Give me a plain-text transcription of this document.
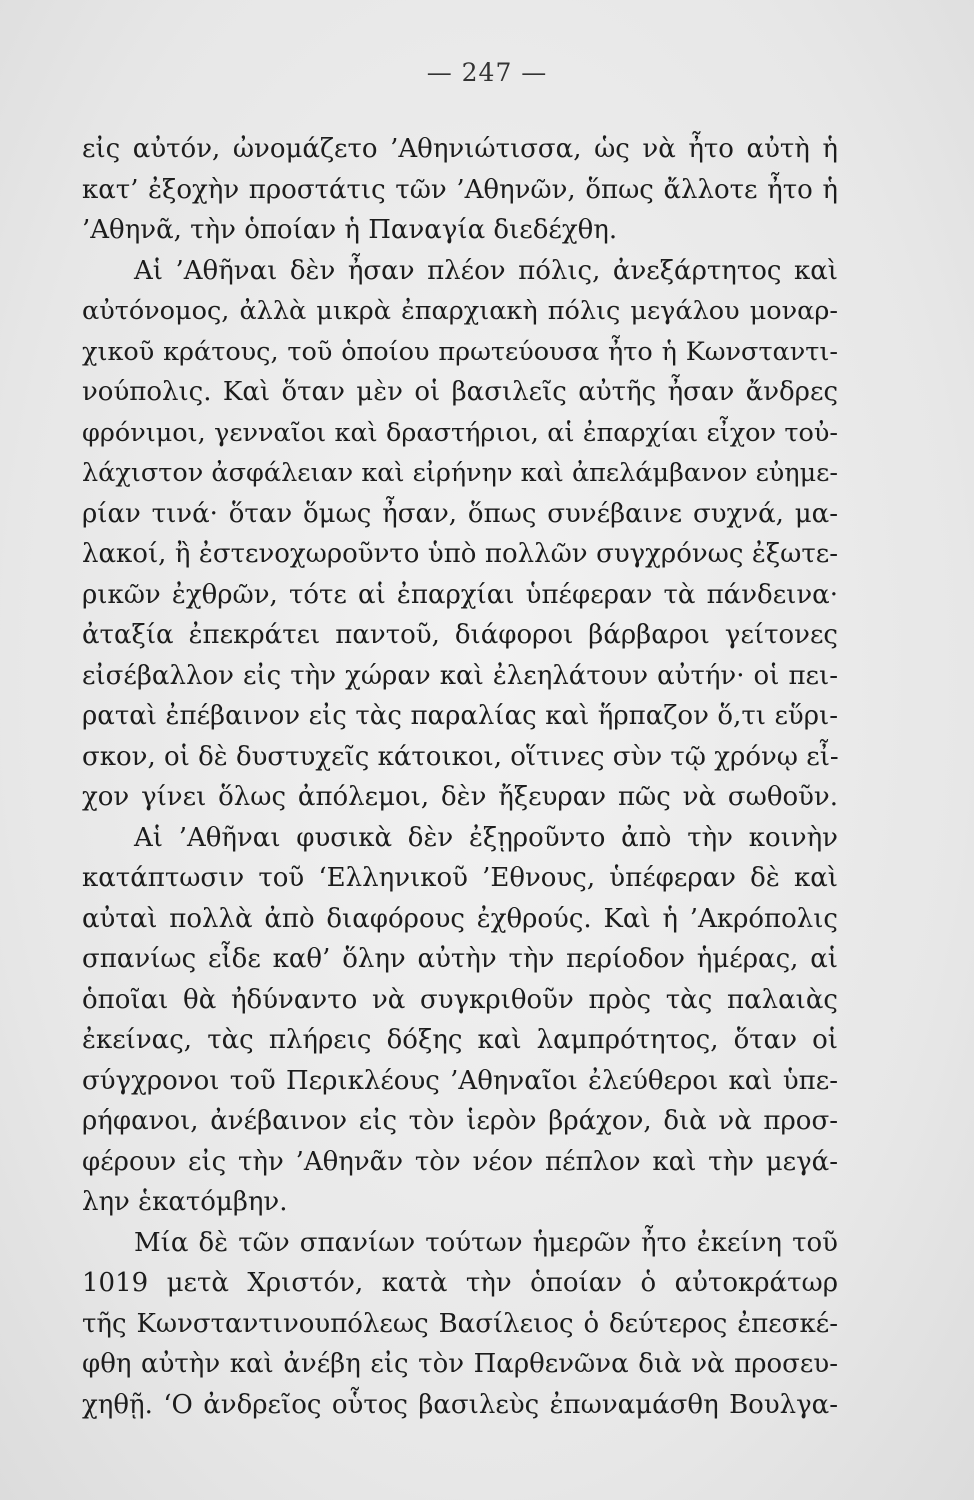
— 247 —
εἰς αὐτόν, ὠνομάζετο ’Αθηνιώτισσα, ὡς νὰ ἦτο αὐτὴ ἡ
κατ’ ἐξοχὴν προστάτις τῶν ’Αθηνῶν, ὅπως ἄλλοτε ἦτο ἡ
’Αθηνᾶ, τὴν ὁποίαν ἡ Παναγία διεδέχθη.
Αἱ ’Αθῆναι δὲν ἦσαν πλέον πόλις, ἀνεξάρτητος καὶ
αὐτόνομος, ἀλλὰ μικρὰ ἐπαρχιακὴ πόλις μεγάλου μοναρ-
χικοῦ κράτους, τοῦ ὁποίου πρωτεύουσα ἦτο ἡ Κωνσταντι-
νούπολις. Καὶ ὅταν μὲν οἱ βασιλεῖς αὐτῆς ἦσαν ἄνδρες
φρόνιμοι, γενναῖοι καὶ δραστήριοι, αἱ ἐπαρχίαι εἶχον τοὐ-
λάχιστον ἀσφάλειαν καὶ εἰρήνην καὶ ἀπελάμβανον εὐημε-
ρίαν τινά· ὅταν ὅμως ἦσαν, ὅπως συνέβαινε συχνά, μα-
λακοί, ἢ ἐστενοχωροῦντο ὑπὸ πολλῶν συγχρόνως ἐξωτε-
ρικῶν ἐχθρῶν, τότε αἱ ἐπαρχίαι ὑπέφεραν τὰ πάνδεινα·
ἀταξία ἐπεκράτει παντοῦ, διάφοροι βάρβαροι γείτονες
εἰσέβαλλον εἰς τὴν χώραν καὶ ἐλεηλάτουν αὐτήν· οἱ πει-
ραταὶ ἐπέβαινον εἰς τὰς παραλίας καὶ ἥρπαζον ὅ,τι εὕρι-
σκον, οἱ δὲ δυστυχεῖς κάτοικοι, οἵτινες σὺν τῷ χρόνῳ εἶ-
χον γίνει ὅλως ἀπόλεμοι, δὲν ἤξευραν πῶς νὰ σωθοῦν.
Αἱ ’Αθῆναι φυσικὰ δὲν ἐξῃροῦντο ἀπὸ τὴν κοινὴν
κατάπτωσιν τοῦ ‘Ελληνικοῦ ’Εθνους, ὑπέφεραν δὲ καὶ
αὐταὶ πολλὰ ἀπὸ διαφόρους ἐχθρούς. Καὶ ἡ ’Ακρόπολις
σπανίως εἶδε καθ’ ὅλην αὐτὴν τὴν περίοδον ἡμέρας, αἱ
ὁποῖαι θὰ ἠδύναντο νὰ συγκριθοῦν πρὸς τὰς παλαιὰς
ἐκείνας, τὰς πλήρεις δόξης καὶ λαμπρότητος, ὅταν οἱ
σύγχρονοι τοῦ Περικλέους ’Αθηναῖοι ἐλεύθεροι καὶ ὑπε-
ρήφανοι, ἀνέβαινον εἰς τὸν ἱερὸν βράχον, διὰ νὰ προσ-
φέρουν εἰς τὴν ’Αθηνᾶν τὸν νέον πέπλον καὶ τὴν μεγά-
λην ἑκατόμβην.
Μία δὲ τῶν σπανίων τούτων ἡμερῶν ἦτο ἐκείνη τοῦ
1019 μετὰ Χριστόν, κατὰ τὴν ὁποίαν ὁ αὐτοκράτωρ
τῆς Κωνσταντινουπόλεως Βασίλειος ὁ δεύτερος ἐπεσκέ-
φθη αὐτὴν καὶ ἀνέβη εἰς τὸν Παρθενῶνα διὰ νὰ προσευ-
χηθῇ. ‘Ο ἀνδρεῖος οὗτος βασιλεὺς ἐπωναμάσθη Βουλγα-
